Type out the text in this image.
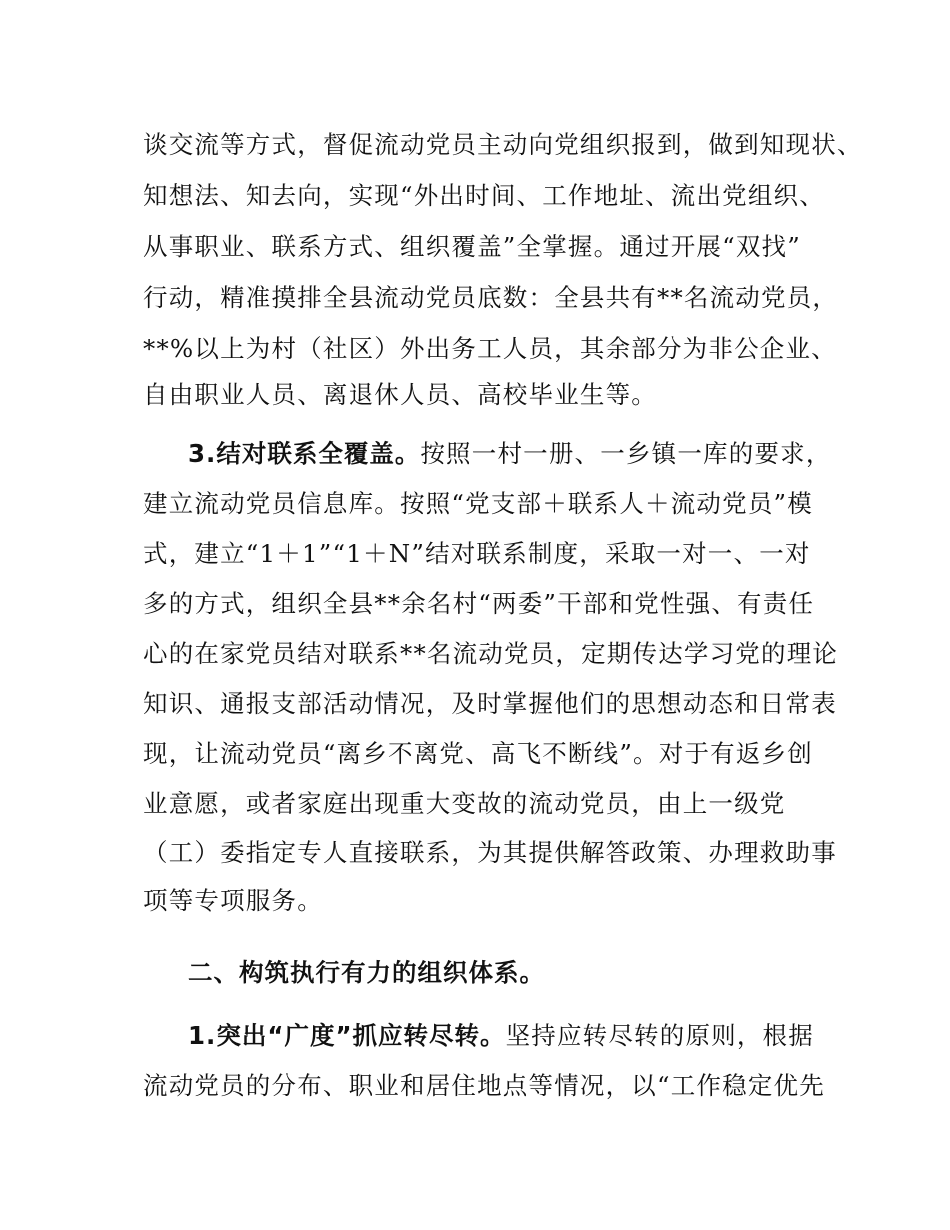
谈交流等方式，督促流动党员主动向党组织报到，做到知现状、
知想法、知去向，实现“外出时间、工作地址、流出党组织、
从事职业、联系方式、组织覆盖”全掌握。通过开展“双找”
行动，精准摸排全县流动党员底数：全县共有**名流动党员，
**%以上为村（社区）外出务工人员，其余部分为非公企业、
自由职业人员、离退休人员、高校毕业生等。
3.结对联系全覆盖。按照一村一册、一乡镇一库的要求，
建立流动党员信息库。按照“党支部＋联系人＋流动党员”模
式，建立“1＋1”“1＋N”结对联系制度，采取一对一、一对
多的方式，组织全县**余名村“两委”干部和党性强、有责任
心的在家党员结对联系**名流动党员，定期传达学习党的理论
知识、通报支部活动情况，及时掌握他们的思想动态和日常表
现，让流动党员“离乡不离党、高飞不断线”。对于有返乡创
业意愿，或者家庭出现重大变故的流动党员，由上一级党
（工）委指定专人直接联系，为其提供解答政策、办理救助事
项等专项服务。
二、构筑执行有力的组织体系。
1.突出“广度”抓应转尽转。坚持应转尽转的原则，根据
流动党员的分布、职业和居住地点等情况，以“工作稳定优先
